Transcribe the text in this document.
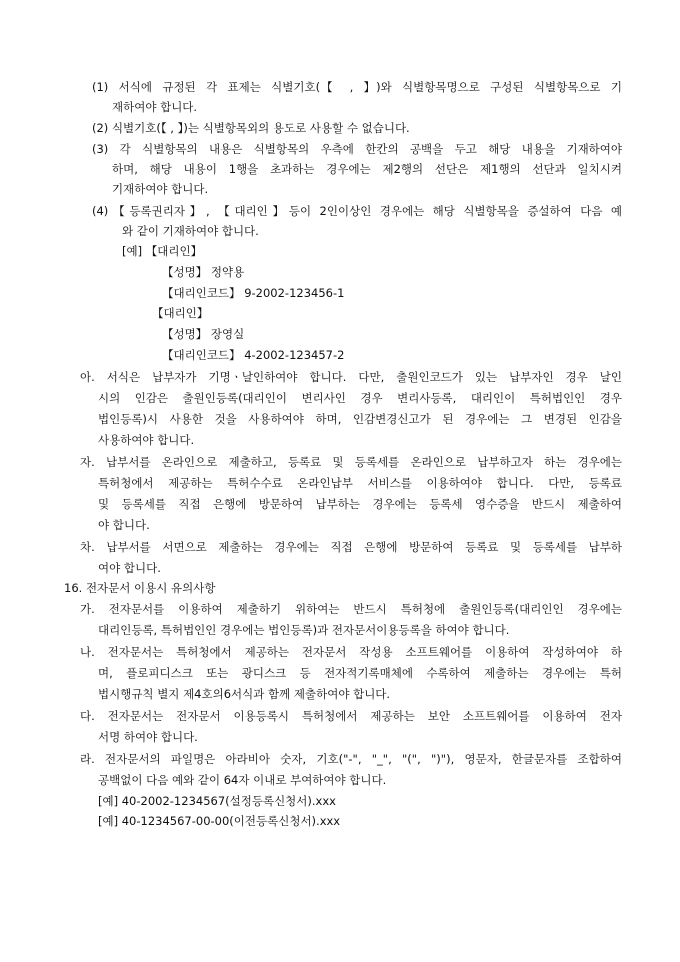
(1) 서식에 규정된 각 표제는 식별기호(【 , 】)와 식별항목명으로 구성된 식별항목으로 기
재하여야 합니다.
(2) 식별기호(【 , 】)는 식별항목외의 용도로 사용할 수 없습니다.
(3) 각 식별항목의 내용은 식별항목의 우측에 한칸의 공백을 두고 해당 내용을 기재하여야
하며, 해당 내용이 1행을 초과하는 경우에는 제2행의 선단은 제1행의 선단과 일치시켜
기재하여야 합니다.
(4)【등록권리자】, 【대리인】등이 2인이상인 경우에는 해당 식별항목을 증설하여 다음 예
와 같이 기재하여야 합니다.
[예] 【대리인】
【성명】 정약용
【대리인코드】 9-2002-123456-1
【대리인】
【성명】 장영실
【대리인코드】 4-2002-123457-2
아. 서식은 납부자가 기명ㆍ날인하여야 합니다. 다만, 출원인코드가 있는 납부자인 경우 날인
시의 인감은 출원인등록(대리인이 변리사인 경우 변리사등록, 대리인이 특허법인인 경우
법인등록)시 사용한 것을 사용하여야 하며, 인감변경신고가 된 경우에는 그 변경된 인감을
사용하여야 합니다.
자. 납부서를 온라인으로 제출하고, 등록료 및 등록세를 온라인으로 납부하고자 하는 경우에는
특허청에서 제공하는 특허수수료 온라인납부 서비스를 이용하여야 합니다. 다만, 등록료
및 등록세를 직접 은행에 방문하여 납부하는 경우에는 등록세 영수증을 반드시 제출하여
야 합니다.
차. 납부서를 서면으로 제출하는 경우에는 직접 은행에 방문하여 등록료 및 등록세를 납부하
여야 합니다.
16. 전자문서 이용시 유의사항
가. 전자문서를 이용하여 제출하기 위하여는 반드시 특허청에 출원인등록(대리인인 경우에는
대리인등록, 특허법인인 경우에는 법인등록)과 전자문서이용등록을 하여야 합니다.
나. 전자문서는 특허청에서 제공하는 전자문서 작성용 소프트웨어를 이용하여 작성하여야 하
며, 플로피디스크 또는 광디스크 등 전자적기록매체에 수록하여 제출하는 경우에는 특허
법시행규칙 별지 제4호의6서식과 함께 제출하여야 합니다.
다. 전자문서는 전자문서 이용등록시 특허청에서 제공하는 보안 소프트웨어를 이용하여 전자
서명 하여야 합니다.
라. 전자문서의 파일명은 아라비아 숫자, 기호("-", "_", "(", ")"), 영문자, 한글문자를 조합하여
공백없이 다음 예와 같이 64자 이내로 부여하여야 합니다.
[예] 40-2002-1234567(설정등록신청서).xxx
[예] 40-1234567-00-00(이전등록신청서).xxx
